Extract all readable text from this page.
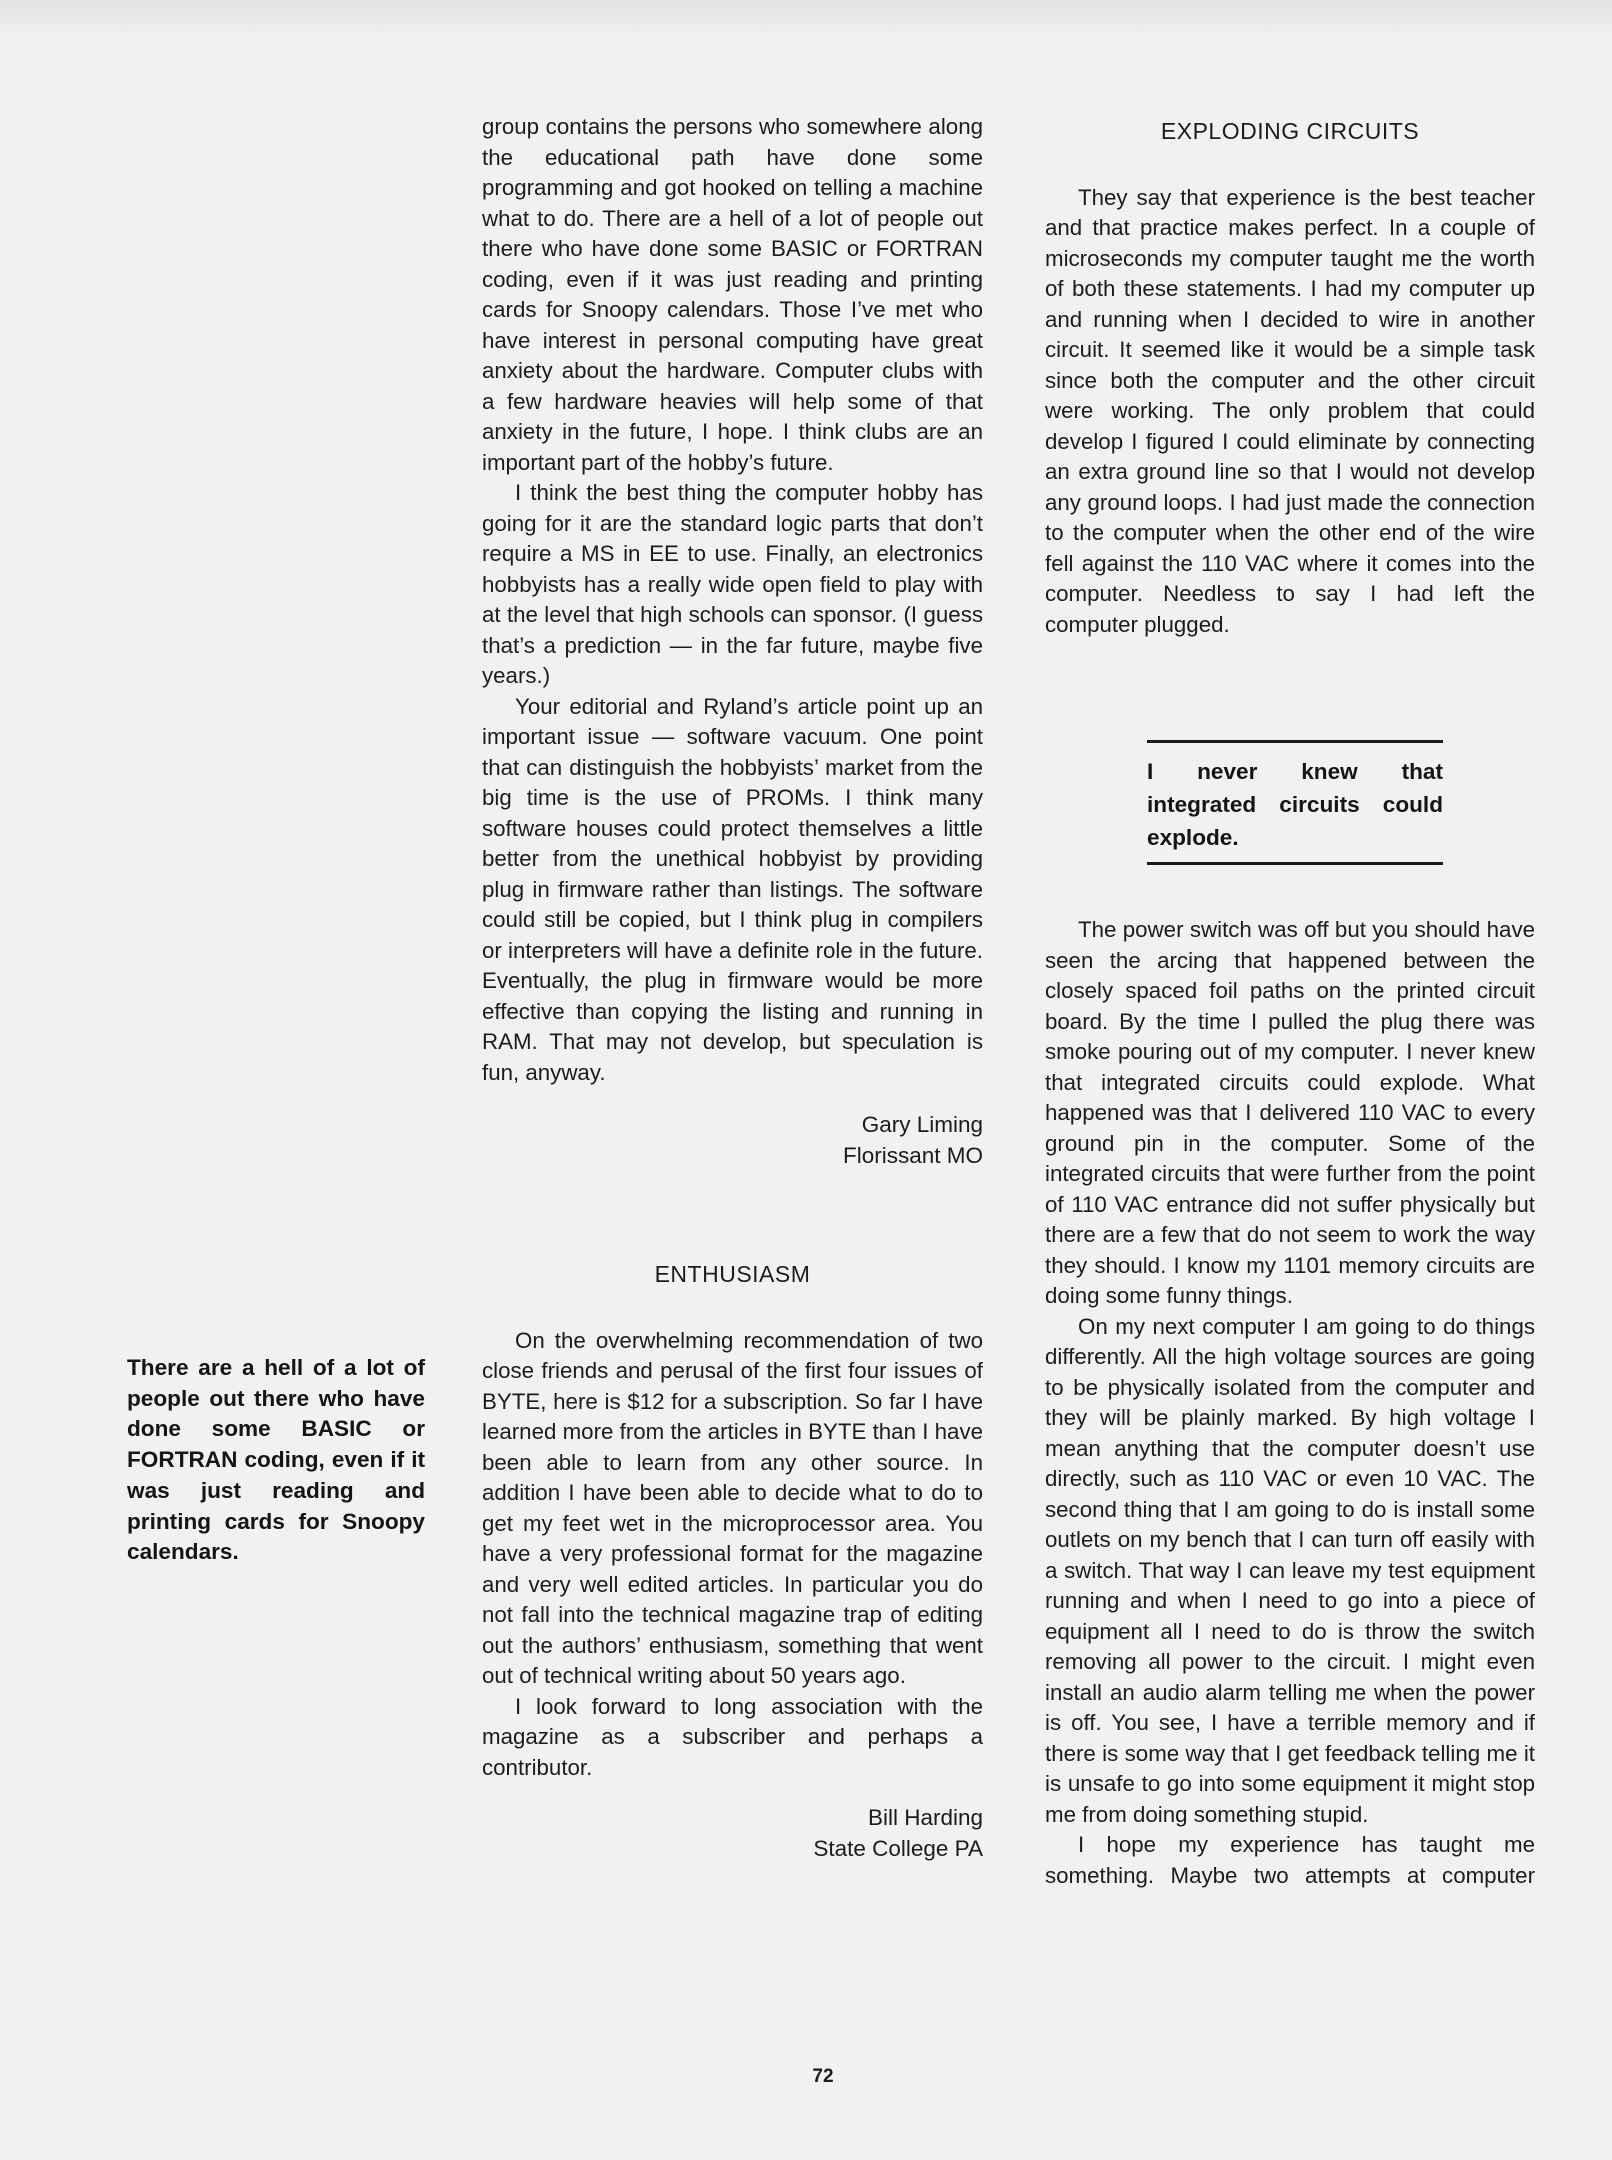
There are a hell of a lot of people out there who have done some BASIC or FORTRAN coding, even if it was just reading and printing cards for Snoopy calendars.

group contains the persons who somewhere along the educational path have done some programming and got hooked on telling a machine what to do. There are a hell of a lot of people out there who have done some BASIC or FORTRAN coding, even if it was just reading and printing cards for Snoopy calendars. Those I’ve met who have interest in personal computing have great anxiety about the hardware. Computer clubs with a few hardware heavies will help some of that anxiety in the future, I hope. I think clubs are an important part of the hobby’s future.

I think the best thing the computer hobby has going for it are the standard logic parts that don’t require a MS in EE to use. Finally, an electronics hobbyists has a really wide open field to play with at the level that high schools can sponsor. (I guess that’s a prediction — in the far future, maybe five years.)

Your editorial and Ryland’s article point up an important issue — software vacuum. One point that can distinguish the hobbyists’ market from the big time is the use of PROMs. I think many software houses could protect themselves a little better from the unethical hobbyist by providing plug in firmware rather than listings. The software could still be copied, but I think plug in compilers or interpreters will have a definite role in the future. Eventually, the plug in firmware would be more effective than copying the listing and running in RAM. That may not develop, but speculation is fun, anyway.

Gary Liming
Florissant MO
ENTHUSIASM

On the overwhelming recommendation of two close friends and perusal of the first four issues of BYTE, here is $12 for a subscription. So far I have learned more from the articles in BYTE than I have been able to learn from any other source. In addition I have been able to decide what to do to get my feet wet in the microprocessor area. You have a very professional format for the magazine and very well edited articles. In particular you do not fall into the technical magazine trap of editing out the authors’ enthusiasm, something that went out of technical writing about 50 years ago.

I look forward to long association with the magazine as a subscriber and perhaps a contributor.

Bill Harding
State College PA
EXPLODING CIRCUITS

They say that experience is the best teacher and that practice makes perfect. In a couple of microseconds my computer taught me the worth of both these statements. I had my computer up and running when I decided to wire in another circuit. It seemed like it would be a simple task since both the computer and the other circuit were working. The only problem that could develop I figured I could eliminate by connecting an extra ground line so that I would not develop any ground loops. I had just made the connection to the computer when the other end of the wire fell against the 110 VAC where it comes into the computer. Needless to say I had left the computer plugged.

I never knew that integrated circuits could explode.

The power switch was off but you should have seen the arcing that happened between the closely spaced foil paths on the printed circuit board. By the time I pulled the plug there was smoke pouring out of my computer. I never knew that integrated circuits could explode. What happened was that I delivered 110 VAC to every ground pin in the computer. Some of the integrated circuits that were further from the point of 110 VAC entrance did not suffer physically but there are a few that do not seem to work the way they should. I know my 1101 memory circuits are doing some funny things.

On my next computer I am going to do things differently. All the high voltage sources are going to be physically isolated from the computer and they will be plainly marked. By high voltage I mean anything that the computer doesn’t use directly, such as 110 VAC or even 10 VAC. The second thing that I am going to do is install some outlets on my bench that I can turn off easily with a switch. That way I can leave my test equipment running and when I need to go into a piece of equipment all I need to do is throw the switch removing all power to the circuit. I might even install an audio alarm telling me when the power is off. You see, I have a terrible memory and if there is some way that I get feedback telling me it is unsafe to go into some equipment it might stop me from doing something stupid.

I hope my experience has taught me something. Maybe two attempts at computer

72
